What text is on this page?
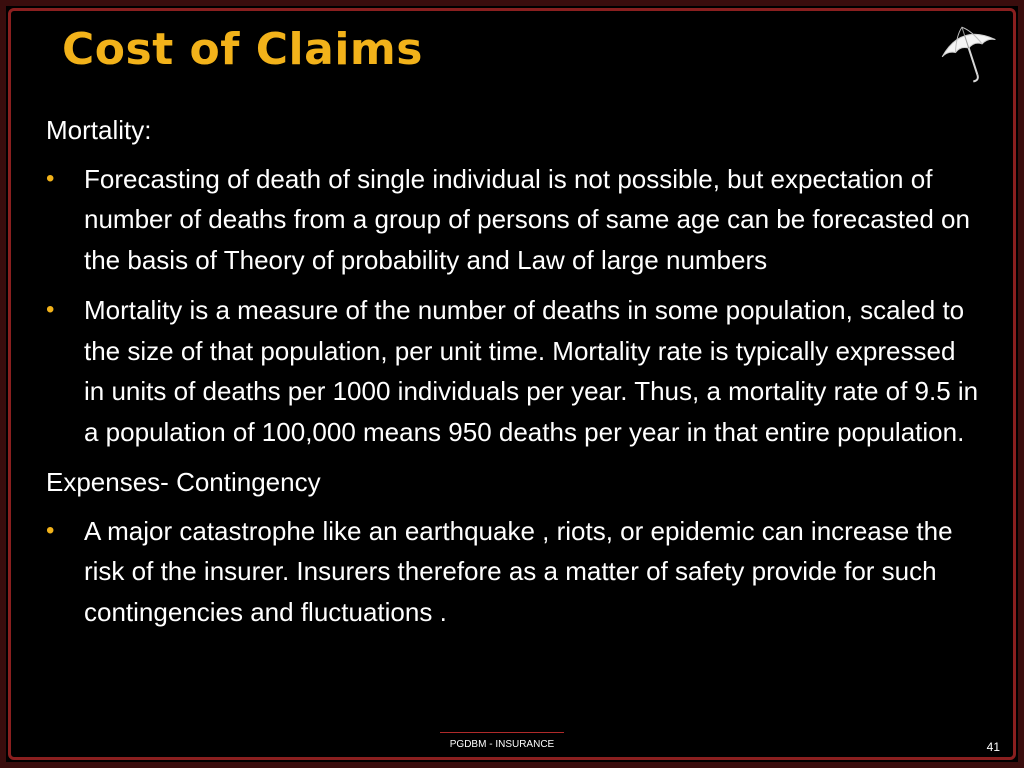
Cost of Claims

Mortality:

• Forecasting of death of single individual is not possible, but expectation of number of deaths from a group of persons of same age can be forecasted on the basis of Theory of probability and Law of large numbers
• Mortality is a measure of the number of deaths in some population, scaled to the size of that population, per unit time. Mortality rate is typically expressed in units of deaths per 1000 individuals per year. Thus, a mortality rate of 9.5 in a population of 100,000 means 950 deaths per year in that entire population.

Expenses- Contingency

• A major catastrophe like an earthquake , riots, or epidemic can increase the risk of the insurer. Insurers therefore as a matter of safety provide for such contingencies and fluctuations .
PGDBM - INSURANCE	41
